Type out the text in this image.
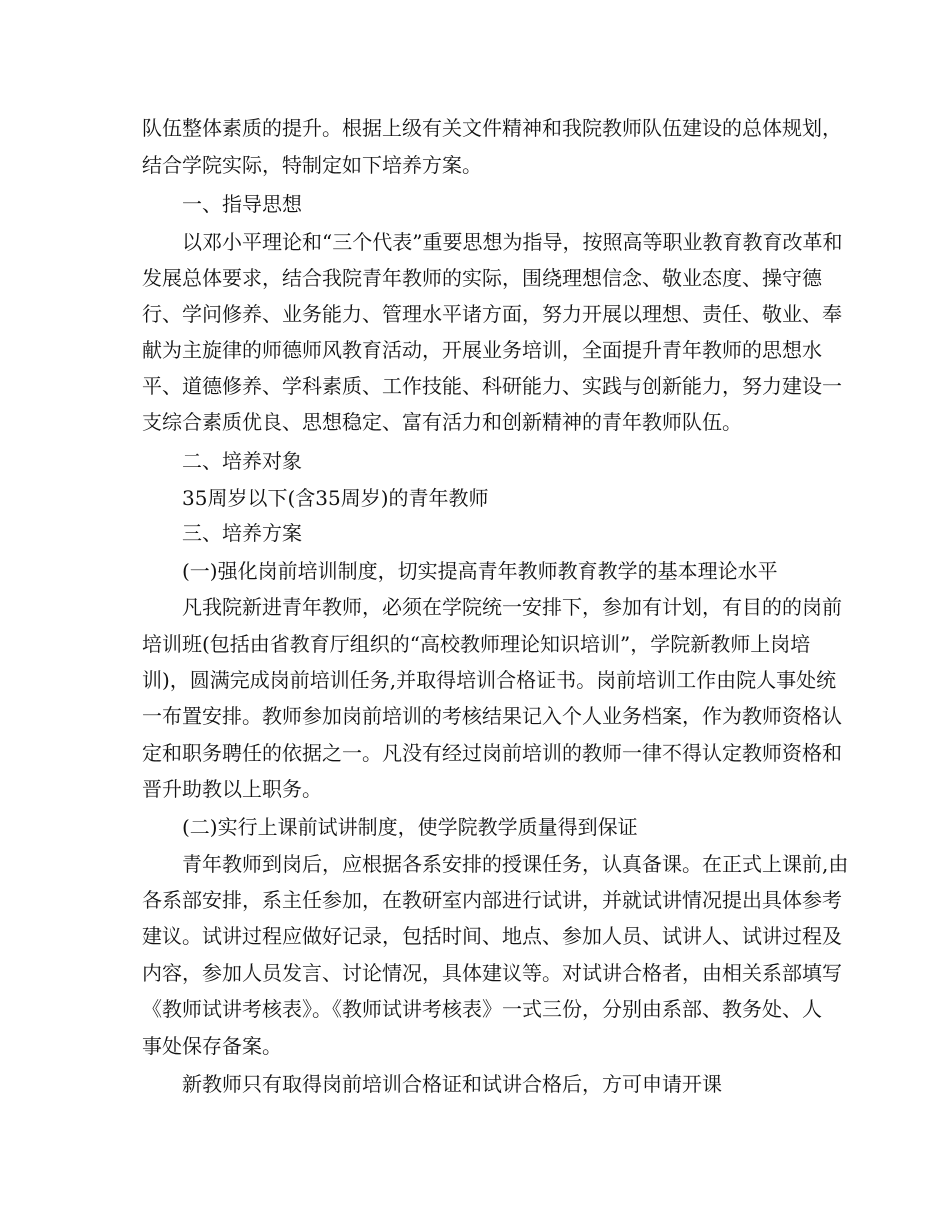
队伍整体素质的提升。根据上级有关文件精神和我院教师队伍建设的总体规划，
结合学院实际，特制定如下培养方案。
一、指导思想
以邓小平理论和“三个代表”重要思想为指导，按照高等职业教育教育改革和
发展总体要求，结合我院青年教师的实际，围绕理想信念、敬业态度、操守德
行、学问修养、业务能力、管理水平诸方面，努力开展以理想、责任、敬业、奉
献为主旋律的师德师风教育活动，开展业务培训，全面提升青年教师的思想水
平、道德修养、学科素质、工作技能、科研能力、实践与创新能力，努力建设一
支综合素质优良、思想稳定、富有活力和创新精神的青年教师队伍。
二、培养对象
35周岁以下(含35周岁)的青年教师
三、培养方案
(一)强化岗前培训制度，切实提高青年教师教育教学的基本理论水平
凡我院新进青年教师，必须在学院统一安排下，参加有计划，有目的的岗前
培训班(包括由省教育厅组织的“高校教师理论知识培训”，学院新教师上岗培
训)，圆满完成岗前培训任务,并取得培训合格证书。岗前培训工作由院人事处统
一布置安排。教师参加岗前培训的考核结果记入个人业务档案，作为教师资格认
定和职务聘任的依据之一。凡没有经过岗前培训的教师一律不得认定教师资格和
晋升助教以上职务。
(二)实行上课前试讲制度，使学院教学质量得到保证
青年教师到岗后，应根据各系安排的授课任务，认真备课。在正式上课前,由
各系部安排，系主任参加，在教研室内部进行试讲，并就试讲情况提出具体参考
建议。试讲过程应做好记录，包括时间、地点、参加人员、试讲人、试讲过程及
内容，参加人员发言、讨论情况，具体建议等。对试讲合格者，由相关系部填写
《教师试讲考核表》。《教师试讲考核表》一式三份，分别由系部、教务处、人
事处保存备案。
新教师只有取得岗前培训合格证和试讲合格后，方可申请开课
